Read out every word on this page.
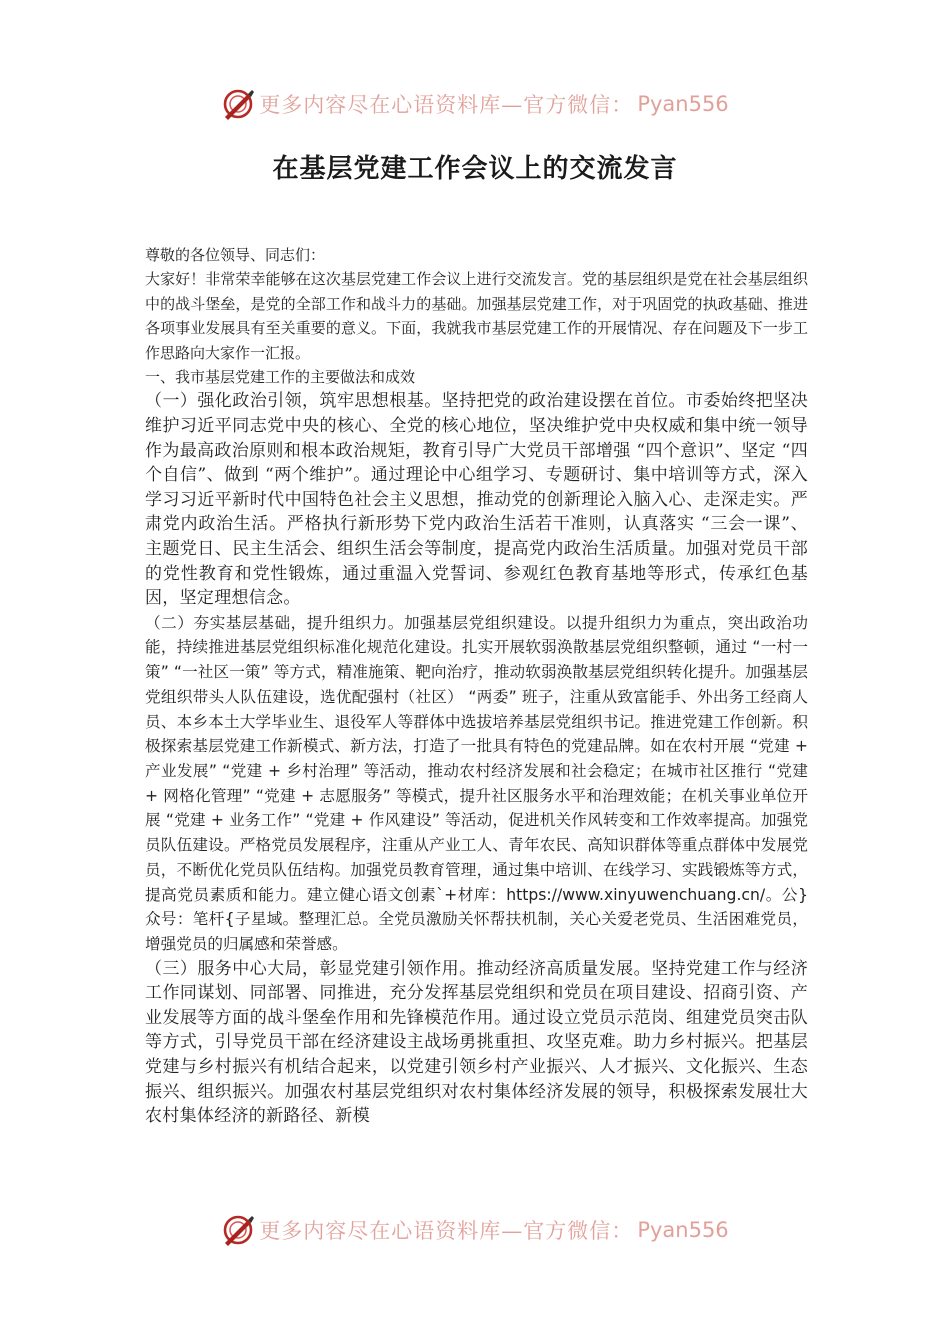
更多内容尽在心语资料库—官方微信： Pyan556
在基层党建工作会议上的交流发言

尊敬的各位领导、同志们：

大家好！非常荣幸能够在这次基层党建工作会议上进行交流发言。党的基层组织是党在社会基层组织中的战斗堡垒，是党的全部工作和战斗力的基础。加强基层党建工作，对于巩固党的执政基础、推进各项事业发展具有至关重要的意义。下面，我就我市基层党建工作的开展情况、存在问题及下一步工作思路向大家作一汇报。

一、我市基层党建工作的主要做法和成效

（一）强化政治引领，筑牢思想根基。坚持把党的政治建设摆在首位。市委始终把坚决维护习近平同志党中央的核心、全党的核心地位，坚决维护党中央权威和集中统一领导作为最高政治原则和根本政治规矩，教育引导广大党员干部增强 “四个意识”、坚定 “四个自信”、做到 “两个维护”。通过理论中心组学习、专题研讨、集中培训等方式，深入学习习近平新时代中国特色社会主义思想，推动党的创新理论入脑入心、走深走实。严肃党内政治生活。严格执行新形势下党内政治生活若干准则，认真落实 “三会一课”、主题党日、民主生活会、组织生活会等制度，提高党内政治生活质量。加强对党员干部的党性教育和党性锻炼，通过重温入党誓词、参观红色教育基地等形式，传承红色基因，坚定理想信念。

（二）夯实基层基础，提升组织力。加强基层党组织建设。以提升组织力为重点，突出政治功能，持续推进基层党组织标准化规范化建设。扎实开展软弱涣散基层党组织整顿，通过 “一村一策” “一社区一策” 等方式，精准施策、靶向治疗，推动软弱涣散基层党组织转化提升。加强基层党组织带头人队伍建设，选优配强村（社区） “两委” 班子，注重从致富能手、外出务工经商人员、本乡本土大学毕业生、退役军人等群体中选拔培养基层党组织书记。推进党建工作创新。积极探索基层党建工作新模式、新方法，打造了一批具有特色的党建品牌。如在农村开展 “党建 + 产业发展” “党建 + 乡村治理” 等活动，推动农村经济发展和社会稳定；在城市社区推行 “党建 + 网格化管理” “党建 + 志愿服务” 等模式，提升社区服务水平和治理效能；在机关事业单位开展 “党建 + 业务工作” “党建 + 作风建设” 等活动，促进机关作风转变和工作效率提高。加强党员队伍建设。严格党员发展程序，注重从产业工人、青年农民、高知识群体等重点群体中发展党员，不断优化党员队伍结构。加强党员教育管理，通过集中培训、在线学习、实践锻炼等方式，提高党员素质和能力。建立健心语文创素`+材库：https://www.xinyuwenchuang.cn/。公}众号：笔杆{子星域。整理汇总。全党员激励关怀帮扶机制，关心关爱老党员、生活困难党员，增强党员的归属感和荣誉感。

（三）服务中心大局，彰显党建引领作用。推动经济高质量发展。坚持党建工作与经济工作同谋划、同部署、同推进，充分发挥基层党组织和党员在项目建设、招商引资、产业发展等方面的战斗堡垒作用和先锋模范作用。通过设立党员示范岗、组建党员突击队等方式，引导党员干部在经济建设主战场勇挑重担、攻坚克难。助力乡村振兴。把基层党建与乡村振兴有机结合起来，以党建引领乡村产业振兴、人才振兴、文化振兴、生态振兴、组织振兴。加强农村基层党组织对农村集体经济发展的领导，积极探索发展壮大农村集体经济的新路径、新模

更多内容尽在心语资料库—官方微信： Pyan556
